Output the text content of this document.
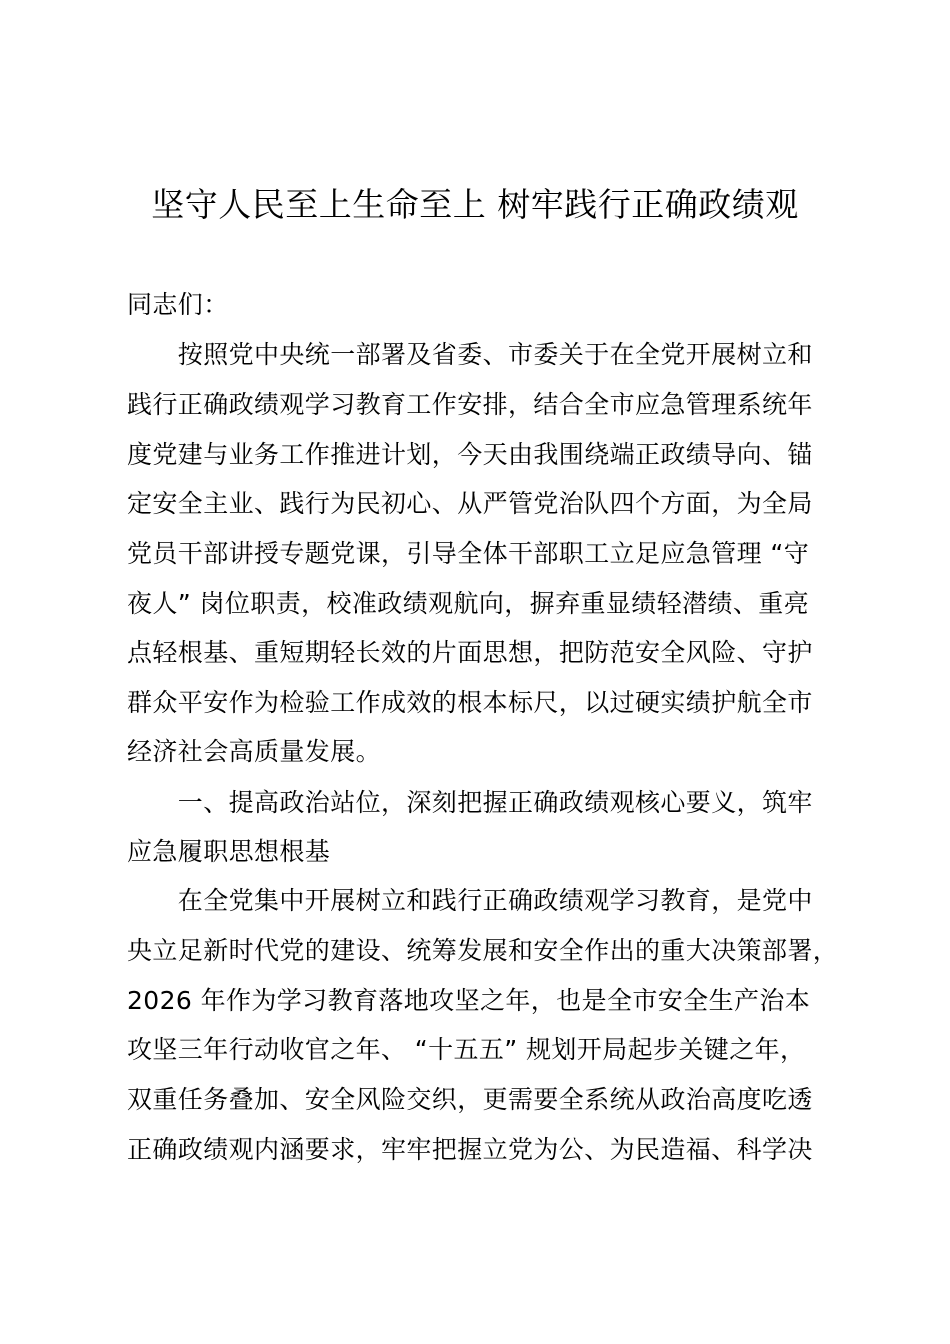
坚守人民至上生命至上 树牢践行正确政绩观
同志们：
　　按照党中央统一部署及省委、市委关于在全党开展树立和
践行正确政绩观学习教育工作安排，结合全市应急管理系统年
度党建与业务工作推进计划，今天由我围绕端正政绩导向、锚
定安全主业、践行为民初心、从严管党治队四个方面，为全局
党员干部讲授专题党课，引导全体干部职工立足应急管理 “守
夜人” 岗位职责，校准政绩观航向，摒弃重显绩轻潜绩、重亮
点轻根基、重短期轻长效的片面思想，把防范安全风险、守护
群众平安作为检验工作成效的根本标尺，以过硬实绩护航全市
经济社会高质量发展。
　　一、提高政治站位，深刻把握正确政绩观核心要义，筑牢
应急履职思想根基
　　在全党集中开展树立和践行正确政绩观学习教育，是党中
央立足新时代党的建设、统筹发展和安全作出的重大决策部署，
2026 年作为学习教育落地攻坚之年，也是全市安全生产治本
攻坚三年行动收官之年、 “十五五” 规划开局起步关键之年，
双重任务叠加、安全风险交织，更需要全系统从政治高度吃透
正确政绩观内涵要求，牢牢把握立党为公、为民造福、科学决
